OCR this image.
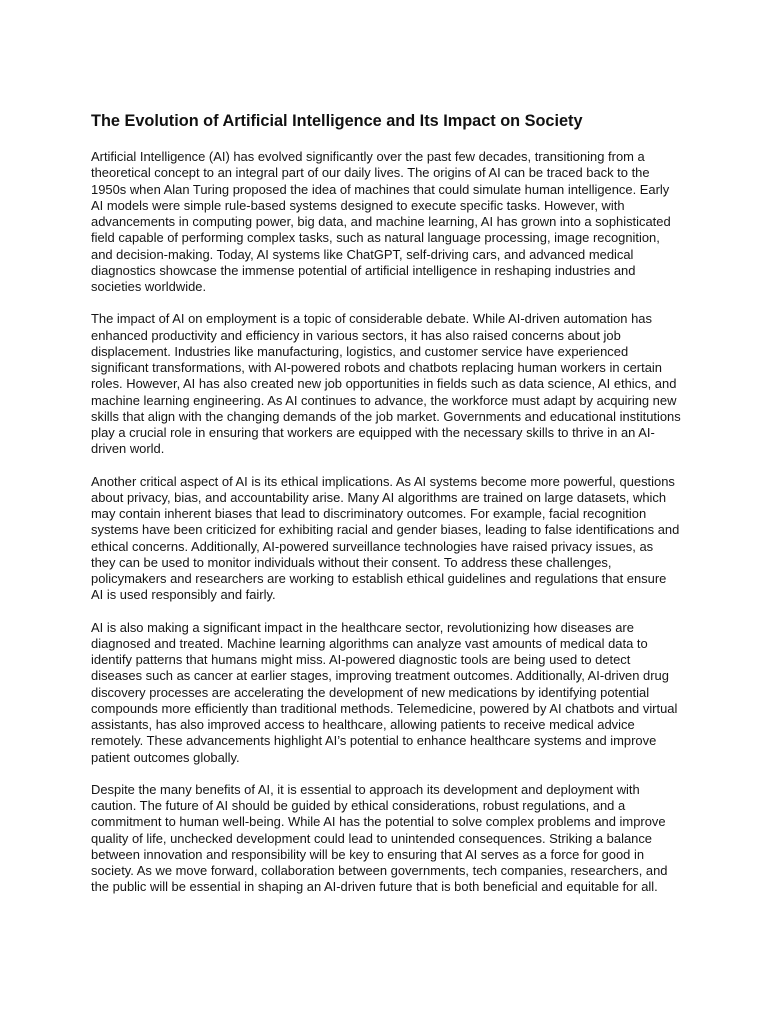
The Evolution of Artificial Intelligence and Its Impact on Society

Artificial Intelligence (AI) has evolved significantly over the past few decades, transitioning from a theoretical concept to an integral part of our daily lives. The origins of AI can be traced back to the 1950s when Alan Turing proposed the idea of machines that could simulate human intelligence. Early AI models were simple rule-based systems designed to execute specific tasks. However, with advancements in computing power, big data, and machine learning, AI has grown into a sophisticated field capable of performing complex tasks, such as natural language processing, image recognition, and decision-making. Today, AI systems like ChatGPT, self-driving cars, and advanced medical diagnostics showcase the immense potential of artificial intelligence in reshaping industries and societies worldwide.

The impact of AI on employment is a topic of considerable debate. While AI-driven automation has enhanced productivity and efficiency in various sectors, it has also raised concerns about job displacement. Industries like manufacturing, logistics, and customer service have experienced significant transformations, with AI-powered robots and chatbots replacing human workers in certain roles. However, AI has also created new job opportunities in fields such as data science, AI ethics, and machine learning engineering. As AI continues to advance, the workforce must adapt by acquiring new skills that align with the changing demands of the job market. Governments and educational institutions play a crucial role in ensuring that workers are equipped with the necessary skills to thrive in an AI-driven world.

Another critical aspect of AI is its ethical implications. As AI systems become more powerful, questions about privacy, bias, and accountability arise. Many AI algorithms are trained on large datasets, which may contain inherent biases that lead to discriminatory outcomes. For example, facial recognition systems have been criticized for exhibiting racial and gender biases, leading to false identifications and ethical concerns. Additionally, AI-powered surveillance technologies have raised privacy issues, as they can be used to monitor individuals without their consent. To address these challenges, policymakers and researchers are working to establish ethical guidelines and regulations that ensure AI is used responsibly and fairly.

AI is also making a significant impact in the healthcare sector, revolutionizing how diseases are diagnosed and treated. Machine learning algorithms can analyze vast amounts of medical data to identify patterns that humans might miss. AI-powered diagnostic tools are being used to detect diseases such as cancer at earlier stages, improving treatment outcomes. Additionally, AI-driven drug discovery processes are accelerating the development of new medications by identifying potential compounds more efficiently than traditional methods. Telemedicine, powered by AI chatbots and virtual assistants, has also improved access to healthcare, allowing patients to receive medical advice remotely. These advancements highlight AI’s potential to enhance healthcare systems and improve patient outcomes globally.

Despite the many benefits of AI, it is essential to approach its development and deployment with caution. The future of AI should be guided by ethical considerations, robust regulations, and a commitment to human well-being. While AI has the potential to solve complex problems and improve quality of life, unchecked development could lead to unintended consequences. Striking a balance between innovation and responsibility will be key to ensuring that AI serves as a force for good in society. As we move forward, collaboration between governments, tech companies, researchers, and the public will be essential in shaping an AI-driven future that is both beneficial and equitable for all.
